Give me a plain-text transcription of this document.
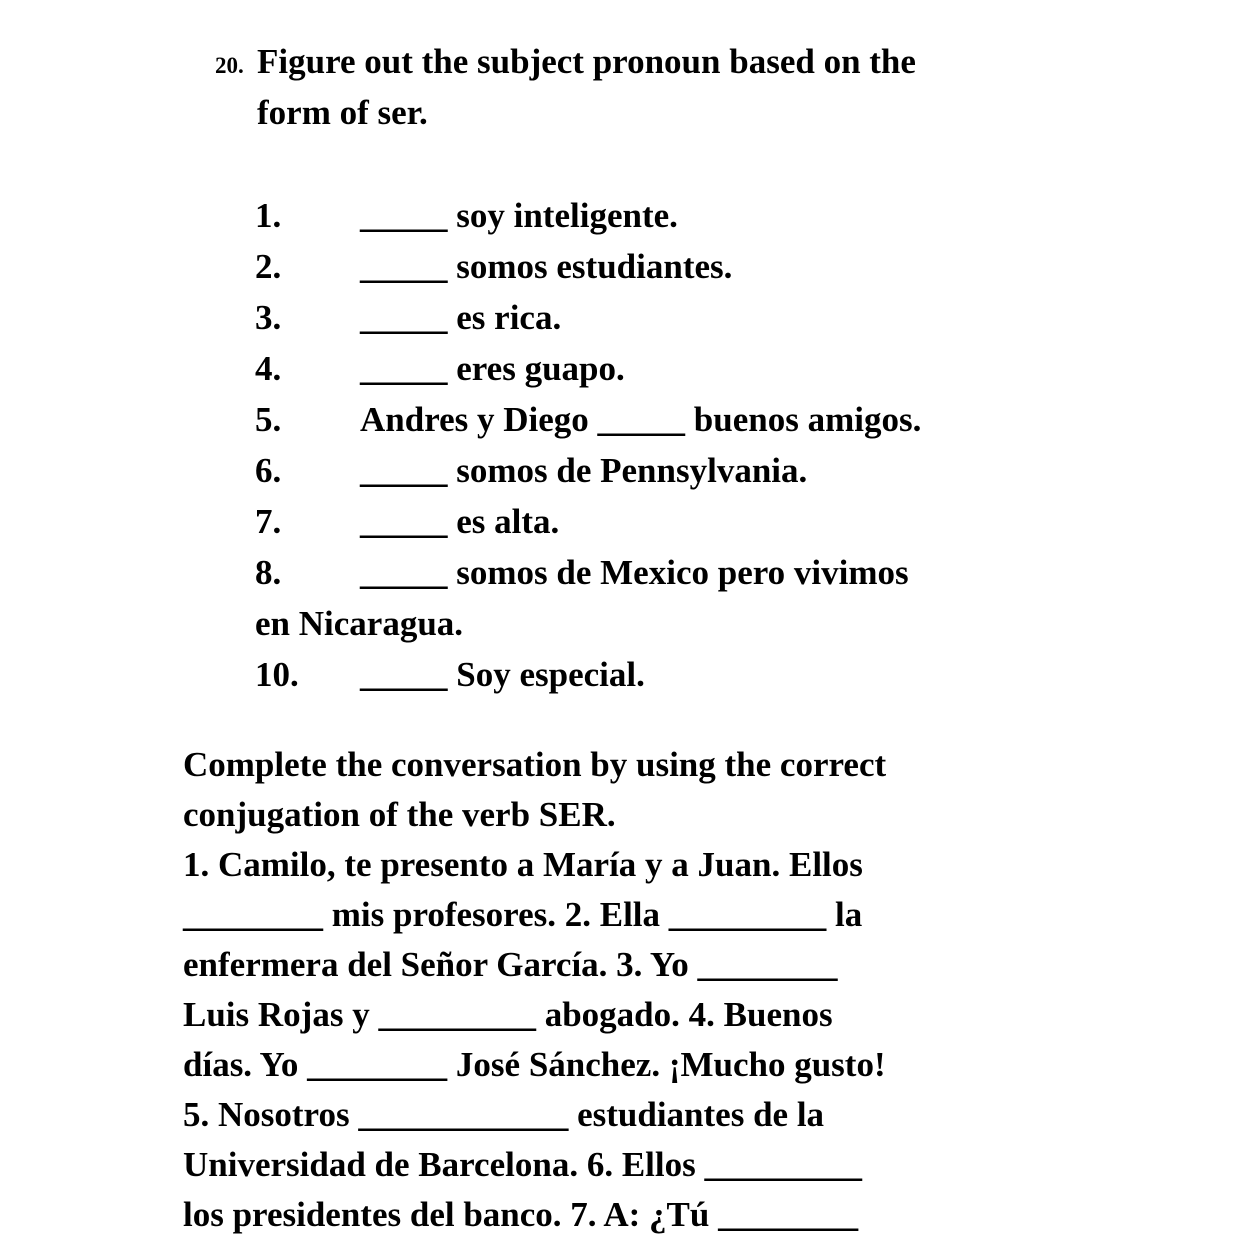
20. Figure out the subject pronoun based on the
form of ser.
1. _____ soy inteligente.
2. _____ somos estudiantes.
3. _____ es rica.
4. _____ eres guapo.
5. Andres y Diego _____ buenos amigos.
6. _____ somos de Pennsylvania.
7. _____ es alta.
8. _____ somos de Mexico pero vivimos
en Nicaragua.
10. _____ Soy especial.
Complete the conversation by using the correct
conjugation of the verb SER.
1. Camilo, te presento a María y a Juan. Ellos
________ mis profesores. 2. Ella _________ la
enfermera del Señor García. 3. Yo ________
Luis Rojas y _________ abogado. 4. Buenos
días. Yo ________ José Sánchez. ¡Mucho gusto!
5. Nosotros ____________ estudiantes de la
Universidad de Barcelona. 6. Ellos _________
los presidentes del banco. 7. A: ¿Tú ________
